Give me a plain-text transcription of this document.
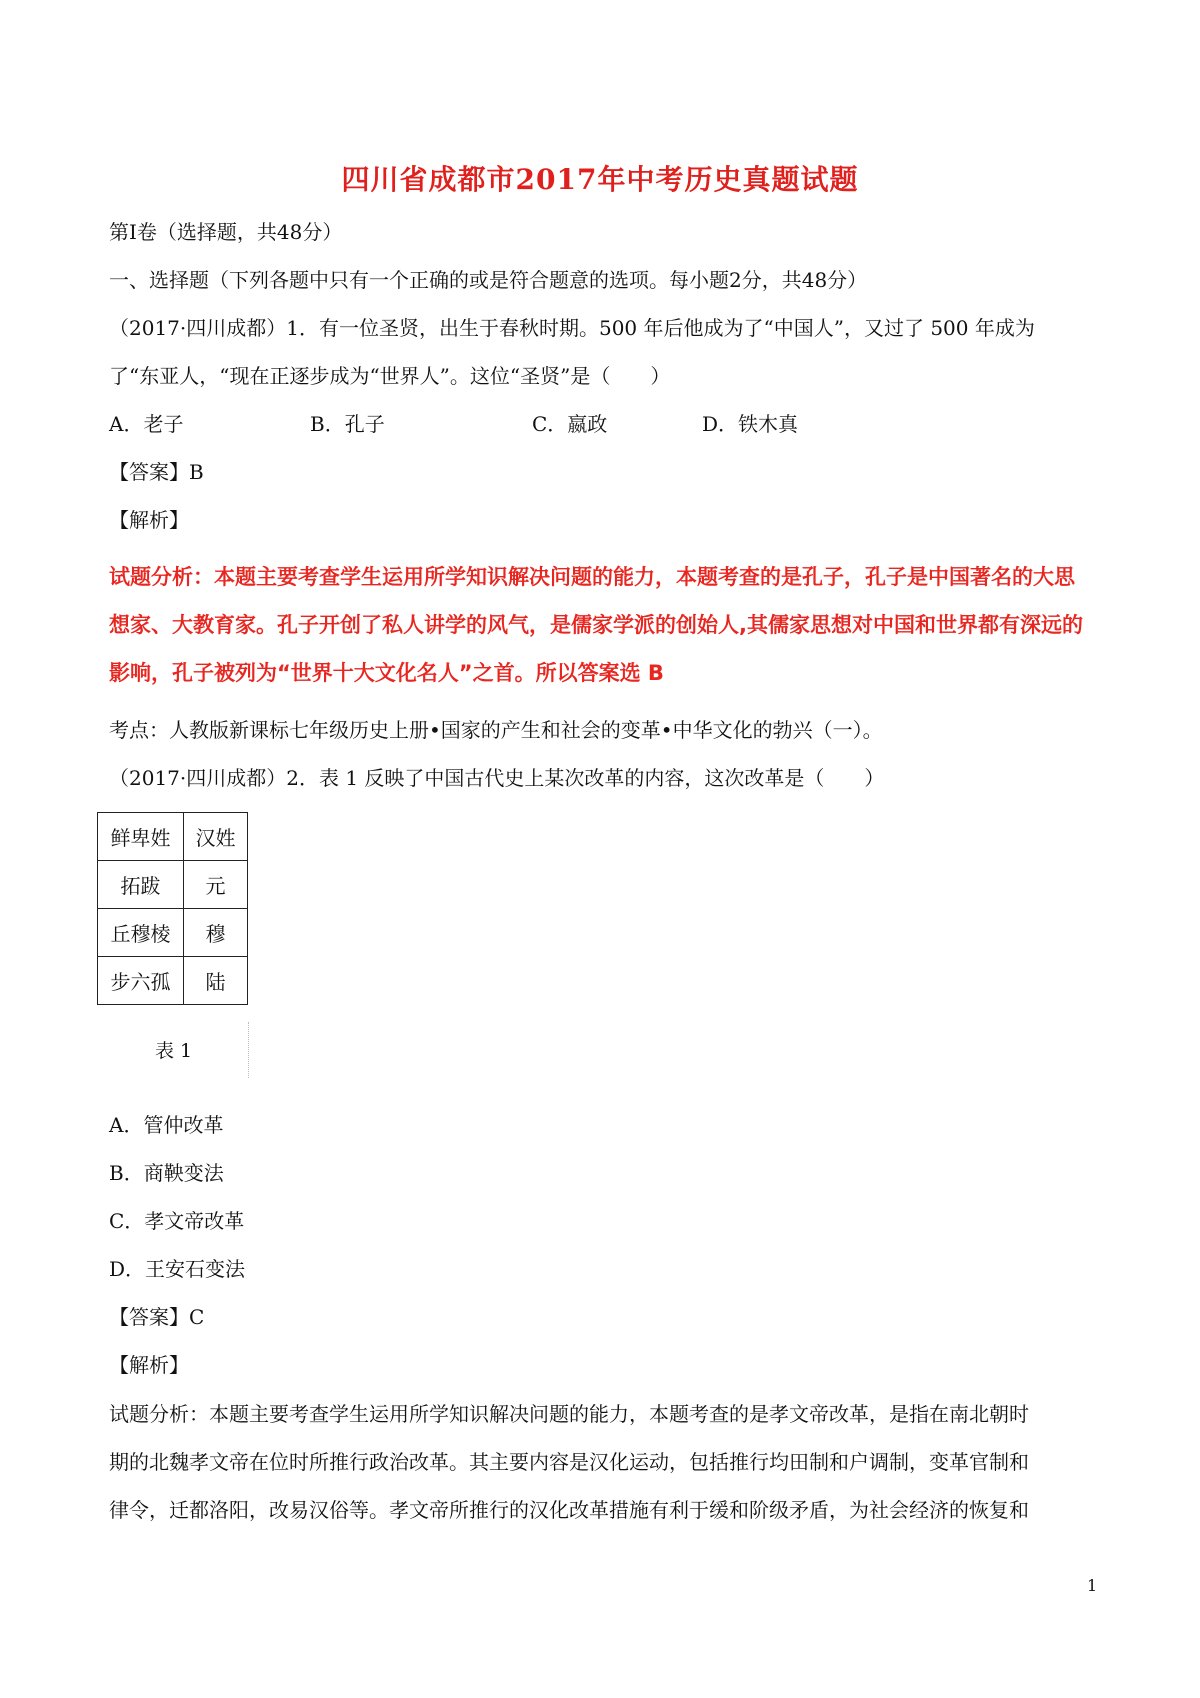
四川省成都市2017年中考历史真题试题
第Ⅰ卷（选择题，共48分）
一、选择题（下列各题中只有一个正确的或是符合题意的选项。每小题2分，共48分）
（2017·四川成都）1．有一位圣贤，出生于春秋时期。500 年后他成为了“中国人”，又过了 500 年成为
了“东亚人，“现在正逐步成为“世界人”。这位“圣贤”是（　　）
A．老子	B．孔子	C．嬴政	D．铁木真
【答案】B
【解析】
试题分析：本题主要考查学生运用所学知识解决问题的能力，本题考查的是孔子，孔子是中国著名的大思
想家、大教育家。孔子开创了私人讲学的风气，是儒家学派的创始人,其儒家思想对中国和世界都有深远的
影响，孔子被列为“世界十大文化名人”之首。所以答案选 B
考点：人教版新课标七年级历史上册•国家的产生和社会的变革•中华文化的勃兴（一）。
（2017·四川成都）2．表 1 反映了中国古代史上某次改革的内容，这次改革是（　　）
鲜卑姓	汉姓
拓跋	元
丘穆棱	穆
步六孤	陆
表 1
A．管仲改革
B．商鞅变法
C．孝文帝改革
D．王安石变法
【答案】C
【解析】
试题分析：本题主要考查学生运用所学知识解决问题的能力，本题考查的是孝文帝改革，是指在南北朝时
期的北魏孝文帝在位时所推行政治改革。其主要内容是汉化运动，包括推行均田制和户调制，变革官制和
律令，迁都洛阳，改易汉俗等。孝文帝所推行的汉化改革措施有利于缓和阶级矛盾，为社会经济的恢复和
1
